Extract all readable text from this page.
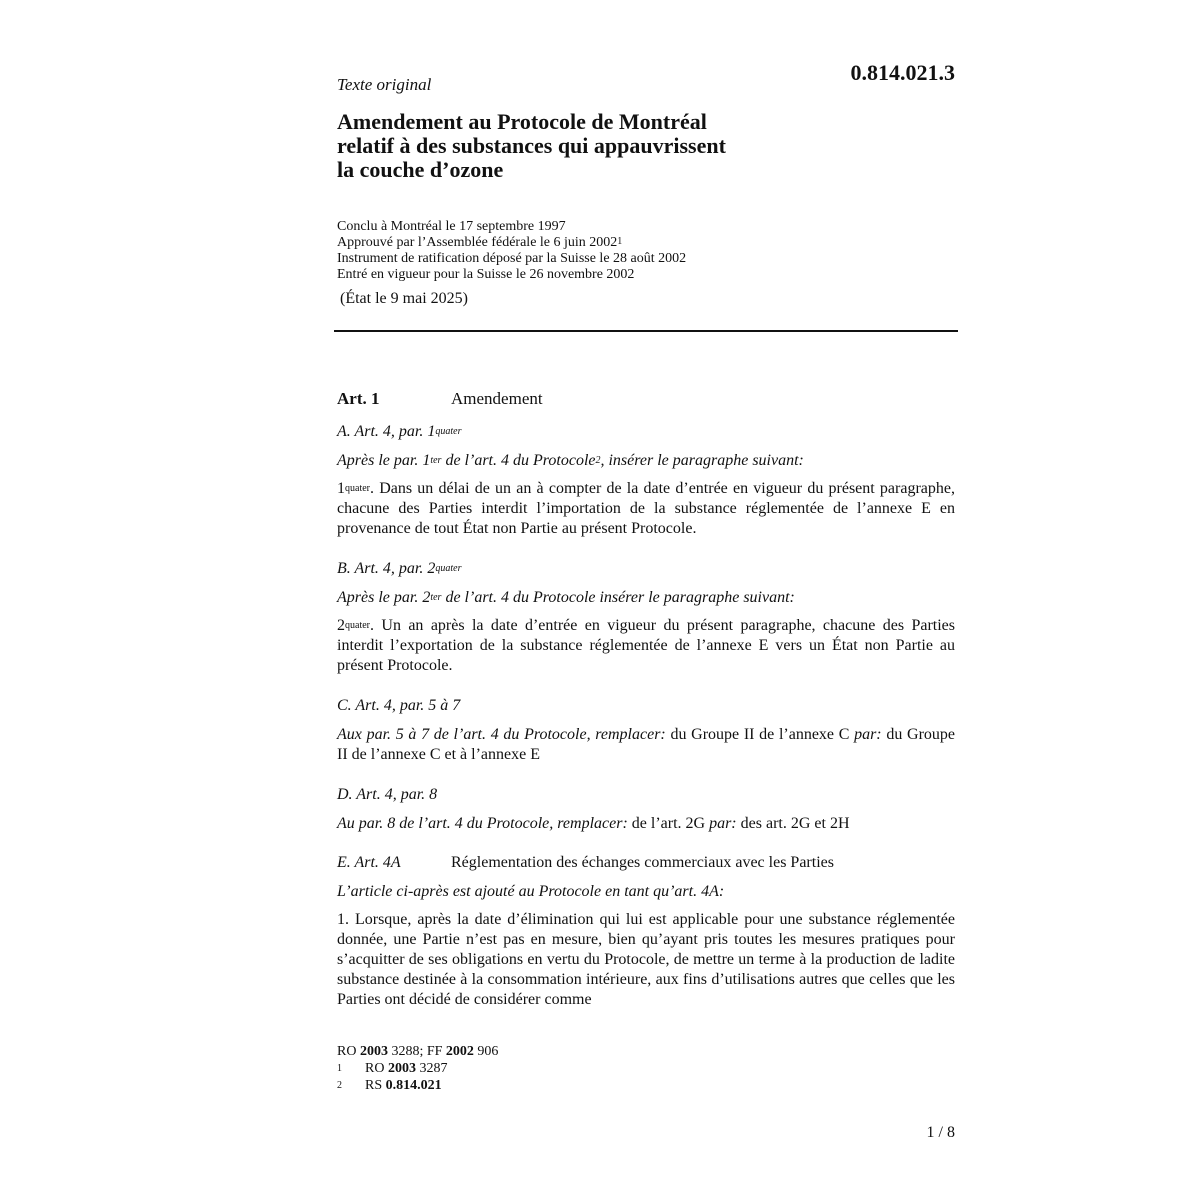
Texte original	0.814.021.3
Amendement au Protocole de Montréal
relatif à des substances qui appauvrissent
la couche d’ozone
Conclu à Montréal le 17 septembre 1997
Approuvé par l’Assemblée fédérale le 6 juin 2002$^1$
Instrument de ratification déposé par la Suisse le 28 août 2002
Entré en vigueur pour la Suisse le 26 novembre 2002
(État le 9 mai 2025)
Art. 1	Amendement
A. Art. 4, par. $1^{quater}$
Après le par. $1^{ter}$ de l’art. 4 du Protocole$^2$, insérer le paragraphe suivant:
$1^{quater}$. Dans un délai de un an à compter de la date d’entrée en vigueur du présent paragraphe, chacune des Parties interdit l’importation de la substance réglementée de l’annexe E en provenance de tout État non Partie au présent Protocole.
B. Art. 4, par. $2^{quater}$
Après le par. $2^{ter}$ de l’art. 4 du Protocole insérer le paragraphe suivant:
$2^{quater}$. Un an après la date d’entrée en vigueur du présent paragraphe, chacune des Parties interdit l’exportation de la substance réglementée de l’annexe E vers un État non Partie au présent Protocole.
C. Art. 4, par. 5 à 7
Aux par. 5 à 7 de l’art. 4 du Protocole, remplacer: du Groupe II de l’annexe C par: du Groupe II de l’annexe C et à l’annexe E
D. Art. 4, par. 8
Au par. 8 de l’art. 4 du Protocole, remplacer: de l’art. 2G par: des art. 2G et 2H
E. Art. 4A	Réglementation des échanges commerciaux avec les Parties
L’article ci-après est ajouté au Protocole en tant qu’art. 4A:
1. Lorsque, après la date d’élimination qui lui est applicable pour une substance réglementée donnée, une Partie n’est pas en mesure, bien qu’ayant pris toutes les mesures pratiques pour s’acquitter de ses obligations en vertu du Protocole, de mettre un terme à la production de ladite substance destinée à la consommation intérieure, aux fins d’utilisations autres que celles que les Parties ont décidé de considérer comme
RO 2003 3288; FF 2002 906
1 RO 2003 3287
2 RS 0.814.021
1 / 8
